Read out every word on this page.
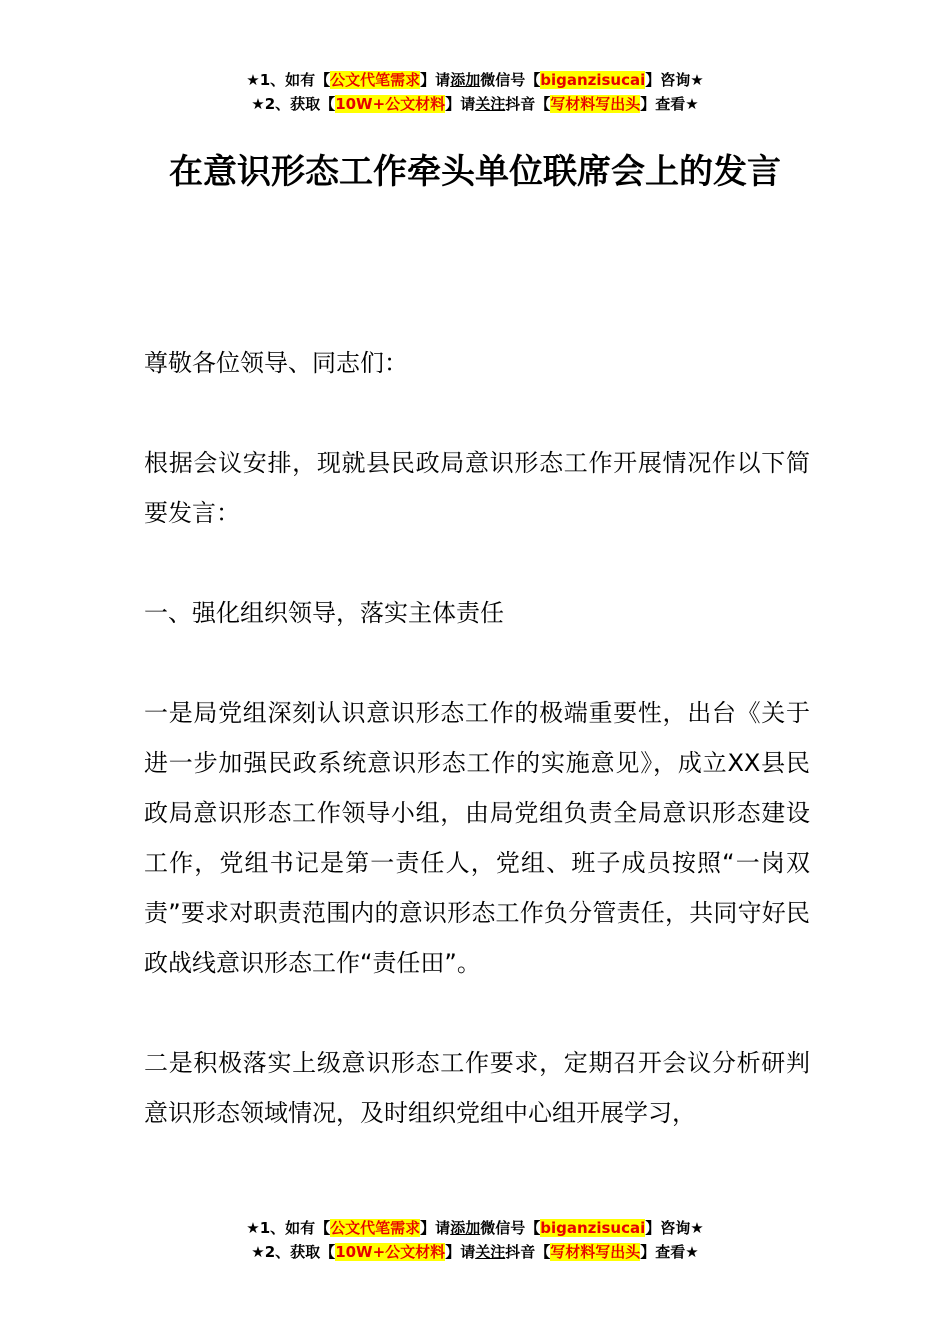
★1、如有【公文代笔需求】请添加微信号【biganzisucai】咨询★
★2、获取【10W+公文材料】请关注抖音【写材料写出头】查看★
在意识形态工作牵头单位联席会上的发言

尊敬各位领导、同志们：

根据会议安排，现就县民政局意识形态工作开展情况作以下简要发言：

一、强化组织领导，落实主体责任

一是局党组深刻认识意识形态工作的极端重要性，出台《关于进一步加强民政系统意识形态工作的实施意见》，成立XX县民政局意识形态工作领导小组，由局党组负责全局意识形态建设工作，党组书记是第一责任人，党组、班子成员按照“一岗双责”要求对职责范围内的意识形态工作负分管责任，共同守好民政战线意识形态工作“责任田”。

二是积极落实上级意识形态工作要求，定期召开会议分析研判意识形态领域情况，及时组织党组中心组开展学习，

★1、如有【公文代笔需求】请添加微信号【biganzisucai】咨询★
★2、获取【10W+公文材料】请关注抖音【写材料写出头】查看★
